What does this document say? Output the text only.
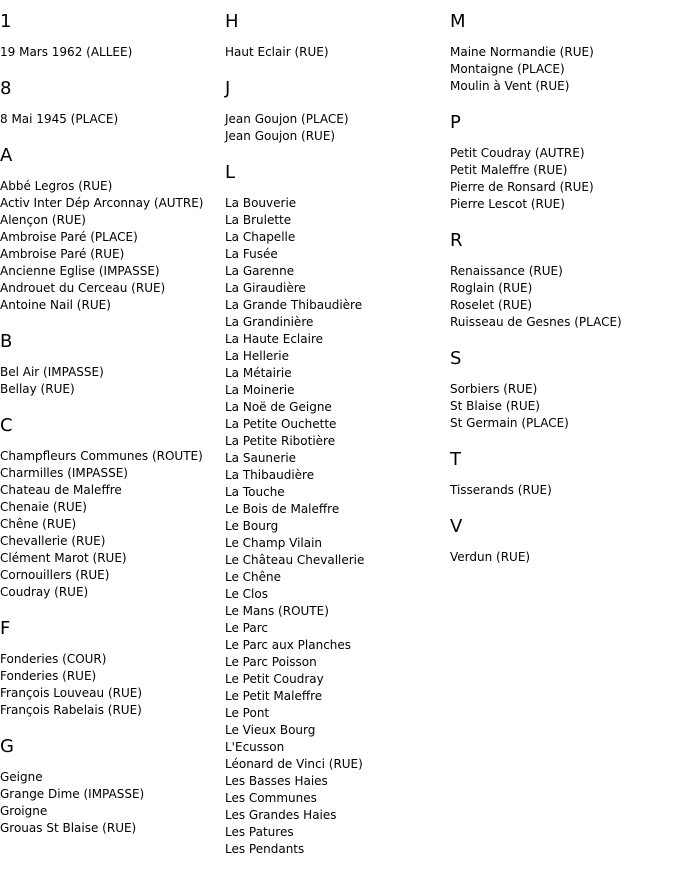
1
19 Mars 1962 (ALLEE)
8
8 Mai 1945 (PLACE)
A
Abbé Legros (RUE)
Activ Inter Dép Arconnay (AUTRE)
Alençon (RUE)
Ambroise Paré (PLACE)
Ambroise Paré (RUE)
Ancienne Eglise (IMPASSE)
Androuet du Cerceau (RUE)
Antoine Nail (RUE)
B
Bel Air (IMPASSE)
Bellay (RUE)
C
Champfleurs Communes (ROUTE)
Charmilles (IMPASSE)
Chateau de Maleffre
Chenaie (RUE)
Chêne (RUE)
Chevallerie (RUE)
Clément Marot (RUE)
Cornouillers (RUE)
Coudray (RUE)
F
Fonderies (COUR)
Fonderies (RUE)
François Louveau (RUE)
François Rabelais (RUE)
G
Geigne
Grange Dime (IMPASSE)
Groigne
Grouas St Blaise (RUE)
H
Haut Eclair (RUE)
J
Jean Goujon (PLACE)
Jean Goujon (RUE)
L
La Bouverie
La Brulette
La Chapelle
La Fusée
La Garenne
La Giraudière
La Grande Thibaudière
La Grandinière
La Haute Eclaire
La Hellerie
La Métairie
La Moinerie
La Noë de Geigne
La Petite Ouchette
La Petite Ribotière
La Saunerie
La Thibaudière
La Touche
Le Bois de Maleffre
Le Bourg
Le Champ Vilain
Le Château Chevallerie
Le Chêne
Le Clos
Le Mans (ROUTE)
Le Parc
Le Parc aux Planches
Le Parc Poisson
Le Petit Coudray
Le Petit Maleffre
Le Pont
Le Vieux Bourg
L'Ecusson
Léonard de Vinci (RUE)
Les Basses Haies
Les Communes
Les Grandes Haies
Les Patures
Les Pendants
M
Maine Normandie (RUE)
Montaigne (PLACE)
Moulin à Vent (RUE)
P
Petit Coudray (AUTRE)
Petit Maleffre (RUE)
Pierre de Ronsard (RUE)
Pierre Lescot (RUE)
R
Renaissance (RUE)
Roglain (RUE)
Roselet (RUE)
Ruisseau de Gesnes (PLACE)
S
Sorbiers (RUE)
St Blaise (RUE)
St Germain (PLACE)
T
Tisserands (RUE)
V
Verdun (RUE)
